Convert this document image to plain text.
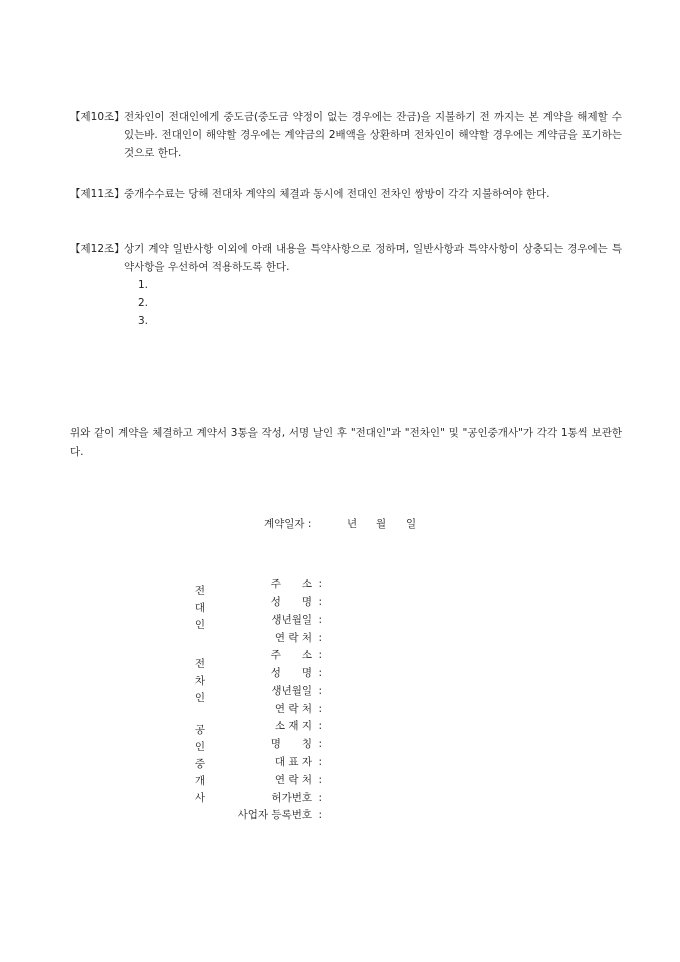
【제10조】 전차인이 전대인에게 중도금(중도금 약정이 없는 경우에는 잔금)을 지불하기 전 까지는 본 계약을 해제할 수 있는바. 전대인이 해약할 경우에는 계약금의 2배액을 상환하며 전차인이 해약할 경우에는 계약금을 포기하는 것으로 한다.
【제11조】 중개수수료는 당해 전대차 계약의 체결과 동시에 전대인 전차인 쌍방이 각각 지불하여야 한다.
【제12조】 상기 계약 일반사항 이외에 아래 내용을 특약사항으로 정하며, 일반사항과 특약사항이 상충되는 경우에는 특약사항을 우선하여 적용하도록 한다.
1.
2.
3.
위와 같이 계약을 체결하고 계약서 3통을 작성, 서명 날인 후 "전대인"과 "전차인" 및 "공인중개사"가 각각 1통씩 보관한다.
계약일자 :	년 월 일
전
대
인
전
차
인
공
인
중
개
사
주　　소 :
성　　명 :
생년월일 :
연 락 처 :
주　　소 :
성　　명 :
생년월일 :
연 락 처 :
소 재 지 :
명　　칭 :
대 표 자 :
연 락 처 :
허가번호 :
사업자 등록번호 :
